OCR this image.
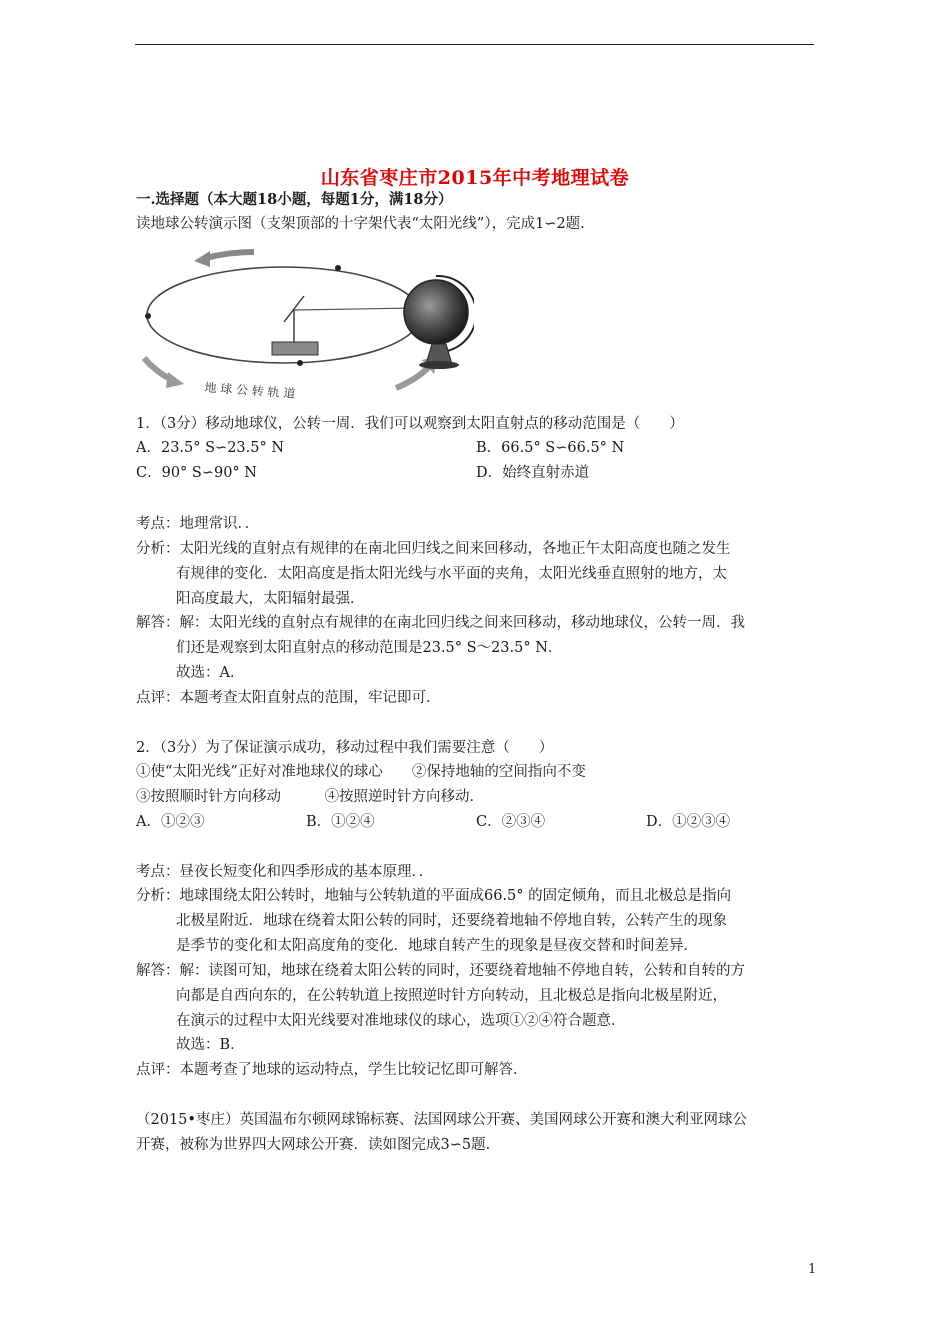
山东省枣庄市2015年中考地理试卷
一.选择题（本大题18小题，每题1分，满18分）
读地球公转演示图（支架顶部的十字架代表“太阳光线”），完成1∽2题.
地 球 公 转 轨 道
1．（3分）移动地球仪，公转一周．我们可以观察到太阳直射点的移动范围是（　　）
A．23.5° S∽23.5° N	B．66.5° S∽66.5° N
C．90° S∽90° N	D．始终直射赤道
考点：地理常识．．
分析：太阳光线的直射点有规律的在南北回归线之间来回移动，各地正午太阳高度也随之发生
有规律的变化．太阳高度是指太阳光线与水平面的夹角，太阳光线垂直照射的地方，太
阳高度最大，太阳辐射最强．
解答：解：太阳光线的直射点有规律的在南北回归线之间来回移动，移动地球仪，公转一周．我
们还是观察到太阳直射点的移动范围是23.5° S～23.5° N．
故选：A．
点评：本题考查太阳直射点的范围，牢记即可．
2．（3分）为了保证演示成功，移动过程中我们需要注意（　　）
①使“太阳光线”正好对准地球仪的球心　　②保持地轴的空间指向不变
③按照顺时针方向移动　　　④按照逆时针方向移动．
A．①②③	B．①②④	C．②③④	D．①②③④
考点：昼夜长短变化和四季形成的基本原理．．
分析：地球围绕太阳公转时，地轴与公转轨道的平面成66.5° 的固定倾角，而且北极总是指向
北极星附近．地球在绕着太阳公转的同时，还要绕着地轴不停地自转，公转产生的现象
是季节的变化和太阳高度角的变化．地球自转产生的现象是昼夜交替和时间差异．
解答：解：读图可知，地球在绕着太阳公转的同时，还要绕着地轴不停地自转，公转和自转的方
向都是自西向东的，在公转轨道上按照逆时针方向转动，且北极总是指向北极星附近，
在演示的过程中太阳光线要对准地球仪的球心，选项①②④符合题意．
故选：B．
点评：本题考查了地球的运动特点，学生比较记忆即可解答．
（2015•枣庄）英国温布尔顿网球锦标赛、法国网球公开赛、美国网球公开赛和澳大利亚网球公
开赛，被称为世界四大网球公开赛．读如图完成3∽5题．
1
